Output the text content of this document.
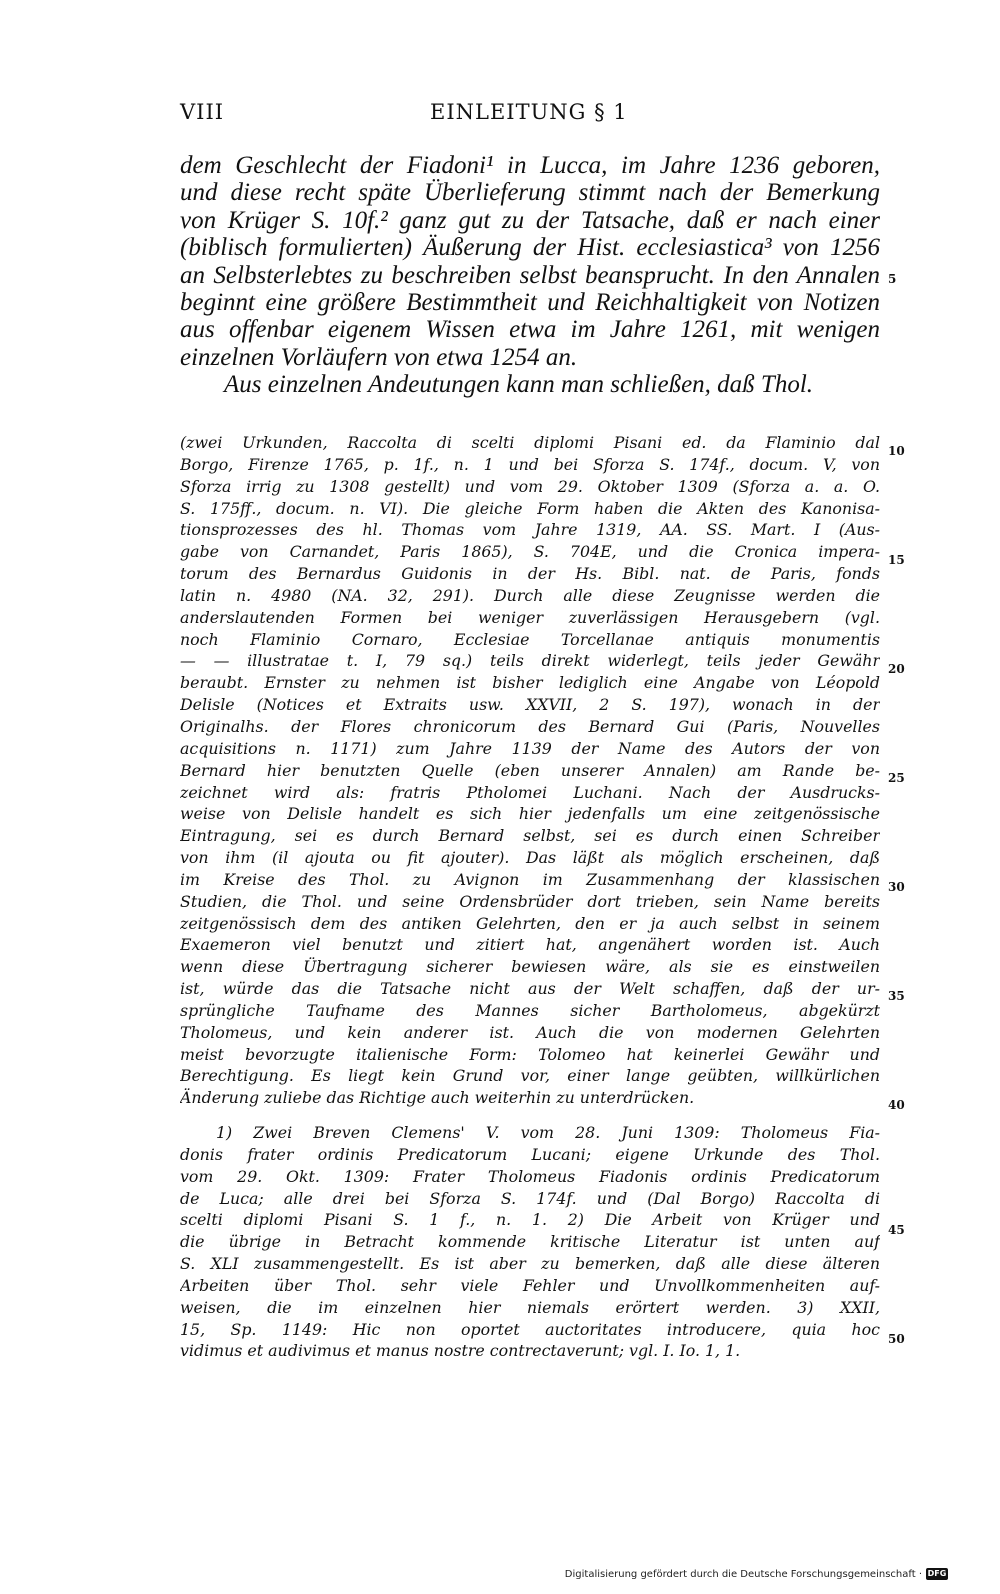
VIII	EINLEITUNG § 1
dem Geschlecht der Fiadoni¹ in Lucca, im Jahre 1236 geboren,
und diese recht späte Überlieferung stimmt nach der Bemerkung
von Krüger S. 10f.² ganz gut zu der Tatsache, daß er nach einer
(biblisch formulierten) Äußerung der Hist. ecclesiastica³ von 1256
an Selbsterlebtes zu beschreiben selbst beansprucht. In den Annalen
beginnt eine größere Bestimmtheit und Reichhaltigkeit von Notizen
aus offenbar eigenem Wissen etwa im Jahre 1261, mit wenigen
einzelnen Vorläufern von etwa 1254 an.
Aus einzelnen Andeutungen kann man schließen, daß Thol.
5
(zwei Urkunden, Raccolta di scelti diplomi Pisani ed. da Flaminio dal
Borgo, Firenze 1765, p. 1f., n. 1 und bei Sforza S. 174f., docum. V, von
Sforza irrig zu 1308 gestellt) und vom 29. Oktober 1309 (Sforza a. a. O.
S. 175ff., docum. n. VI). Die gleiche Form haben die Akten des Kanonisa-
tionsprozesses des hl. Thomas vom Jahre 1319, AA. SS. Mart. I (Aus-
gabe von Carnandet, Paris 1865), S. 704E, und die Cronica impera-
torum des Bernardus Guidonis in der Hs. Bibl. nat. de Paris, fonds
latin n. 4980 (NA. 32, 291). Durch alle diese Zeugnisse werden die
anderslautenden Formen bei weniger zuverlässigen Herausgebern (vgl.
noch Flaminio Cornaro, Ecclesiae Torcellanae antiquis monumentis
— — illustratae t. I, 79 sq.) teils direkt widerlegt, teils jeder Gewähr
beraubt. Ernster zu nehmen ist bisher lediglich eine Angabe von Léopold
Delisle (Notices et Extraits usw. XXVII, 2 S. 197), wonach in der
Originalhs. der Flores chronicorum des Bernard Gui (Paris, Nouvelles
acquisitions n. 1171) zum Jahre 1139 der Name des Autors der von
Bernard hier benutzten Quelle (eben unserer Annalen) am Rande be-
zeichnet wird als: fratris Ptholomei Luchani. Nach der Ausdrucks-
weise von Delisle handelt es sich hier jedenfalls um eine zeitgenössische
Eintragung, sei es durch Bernard selbst, sei es durch einen Schreiber
von ihm (il ajouta ou fit ajouter). Das läßt als möglich erscheinen, daß
im Kreise des Thol. zu Avignon im Zusammenhang der klassischen
Studien, die Thol. und seine Ordensbrüder dort trieben, sein Name bereits
zeitgenössisch dem des antiken Gelehrten, den er ja auch selbst in seinem
Exaemeron viel benutzt und zitiert hat, angenähert worden ist. Auch
wenn diese Übertragung sicherer bewiesen wäre, als sie es einstweilen
ist, würde das die Tatsache nicht aus der Welt schaffen, daß der ur-
sprüngliche Taufname des Mannes sicher Bartholomeus, abgekürzt
Tholomeus, und kein anderer ist. Auch die von modernen Gelehrten
meist bevorzugte italienische Form: Tolomeo hat keinerlei Gewähr und
Berechtigung. Es liegt kein Grund vor, einer lange geübten, willkürlichen
Änderung zuliebe das Richtige auch weiterhin zu unterdrücken.
10
15
20
25
30
35
40
1) Zwei Breven Clemens' V. vom 28. Juni 1309: Tholomeus Fia-
donis frater ordinis Predicatorum Lucani; eigene Urkunde des Thol.
vom 29. Okt. 1309: Frater Tholomeus Fiadonis ordinis Predicatorum
de Luca; alle drei bei Sforza S. 174f. und (Dal Borgo) Raccolta di
scelti diplomi Pisani S. 1 f., n. 1. 2) Die Arbeit von Krüger und
die übrige in Betracht kommende kritische Literatur ist unten auf
S. XLI zusammengestellt. Es ist aber zu bemerken, daß alle diese älteren
Arbeiten über Thol. sehr viele Fehler und Unvollkommenheiten auf-
weisen, die im einzelnen hier niemals erörtert werden. 3) XXII,
15, Sp. 1149: Hic non oportet auctoritates introducere, quia hoc
vidimus et audivimus et manus nostre contrectaverunt; vgl. I. Io. 1, 1.
45
50
Digitalisierung gefördert durch die Deutsche Forschungsgemeinschaft · DFG
